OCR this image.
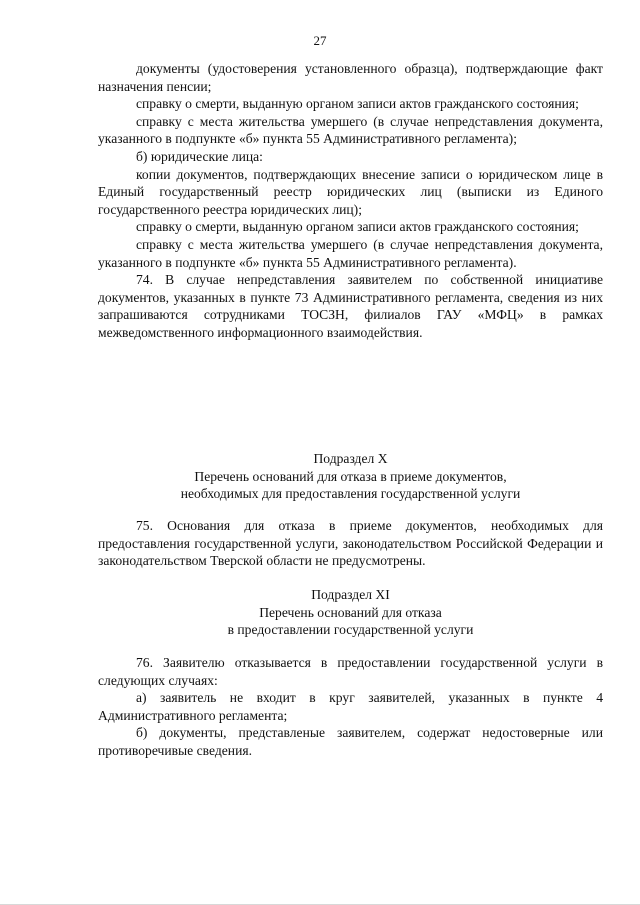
27

документы (удостоверения установленного образца), подтверждающие факт назначения пенсии;

справку о смерти, выданную органом записи актов гражданского состояния;

справку с места жительства умершего (в случае непредставления документа, указанного в подпункте «б» пункта 55 Административного регламента);

б) юридические лица:

копии документов, подтверждающих внесение записи о юридическом лице в Единый государственный реестр юридических лиц (выписки из Единого государственного реестра юридических лиц);

справку о смерти, выданную органом записи актов гражданского состояния;

справку с места жительства умершего (в случае непредставления документа, указанного в подпункте «б» пункта 55 Административного регламента).

74. В случае непредставления заявителем по собственной инициативе документов, указанных в пункте 73 Административного регламента, сведения из них запрашиваются сотрудниками ТОСЗН, филиалов ГАУ «МФЦ» в рамках межведомственного информационного взаимодействия.

Подраздел X

Перечень оснований для отказа в приеме документов,

необходимых для предоставления государственной услуги

75. Основания для отказа в приеме документов, необходимых для предоставления государственной услуги, законодательством Российской Федерации и законодательством Тверской области не предусмотрены.

Подраздел XI

Перечень оснований для отказа

в предоставлении государственной услуги

76. Заявителю отказывается в предоставлении государственной услуги в следующих случаях:

а) заявитель не входит в круг заявителей, указанных в пункте 4 Административного регламента;

б) документы, представленые заявителем, содержат недостоверные или противоречивые сведения.
